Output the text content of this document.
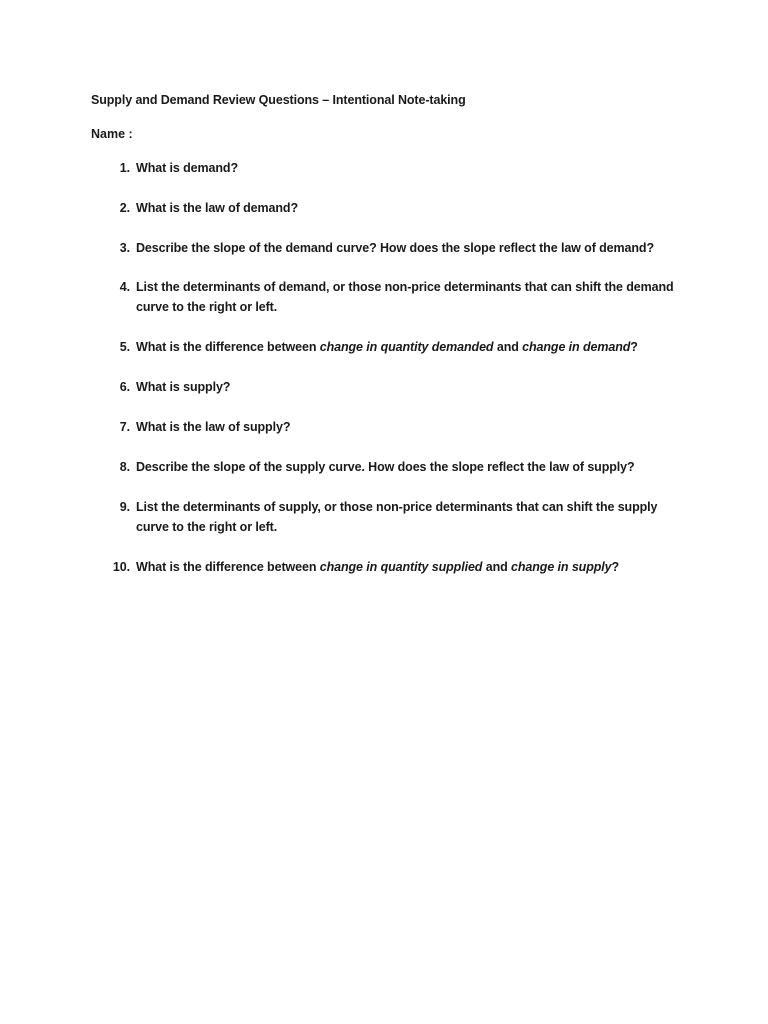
Supply and Demand Review Questions – Intentional Note-taking
Name :
1. What is demand?
2. What is the law of demand?
3. Describe the slope of the demand curve? How does the slope reflect the law of demand?
4. List the determinants of demand, or those non-price determinants that can shift the demand curve to the right or left.
5. What is the difference between change in quantity demanded and change in demand?
6. What is supply?
7. What is the law of supply?
8. Describe the slope of the supply curve. How does the slope reflect the law of supply?
9. List the determinants of supply, or those non-price determinants that can shift the supply curve to the right or left.
10. What is the difference between change in quantity supplied and change in supply?
